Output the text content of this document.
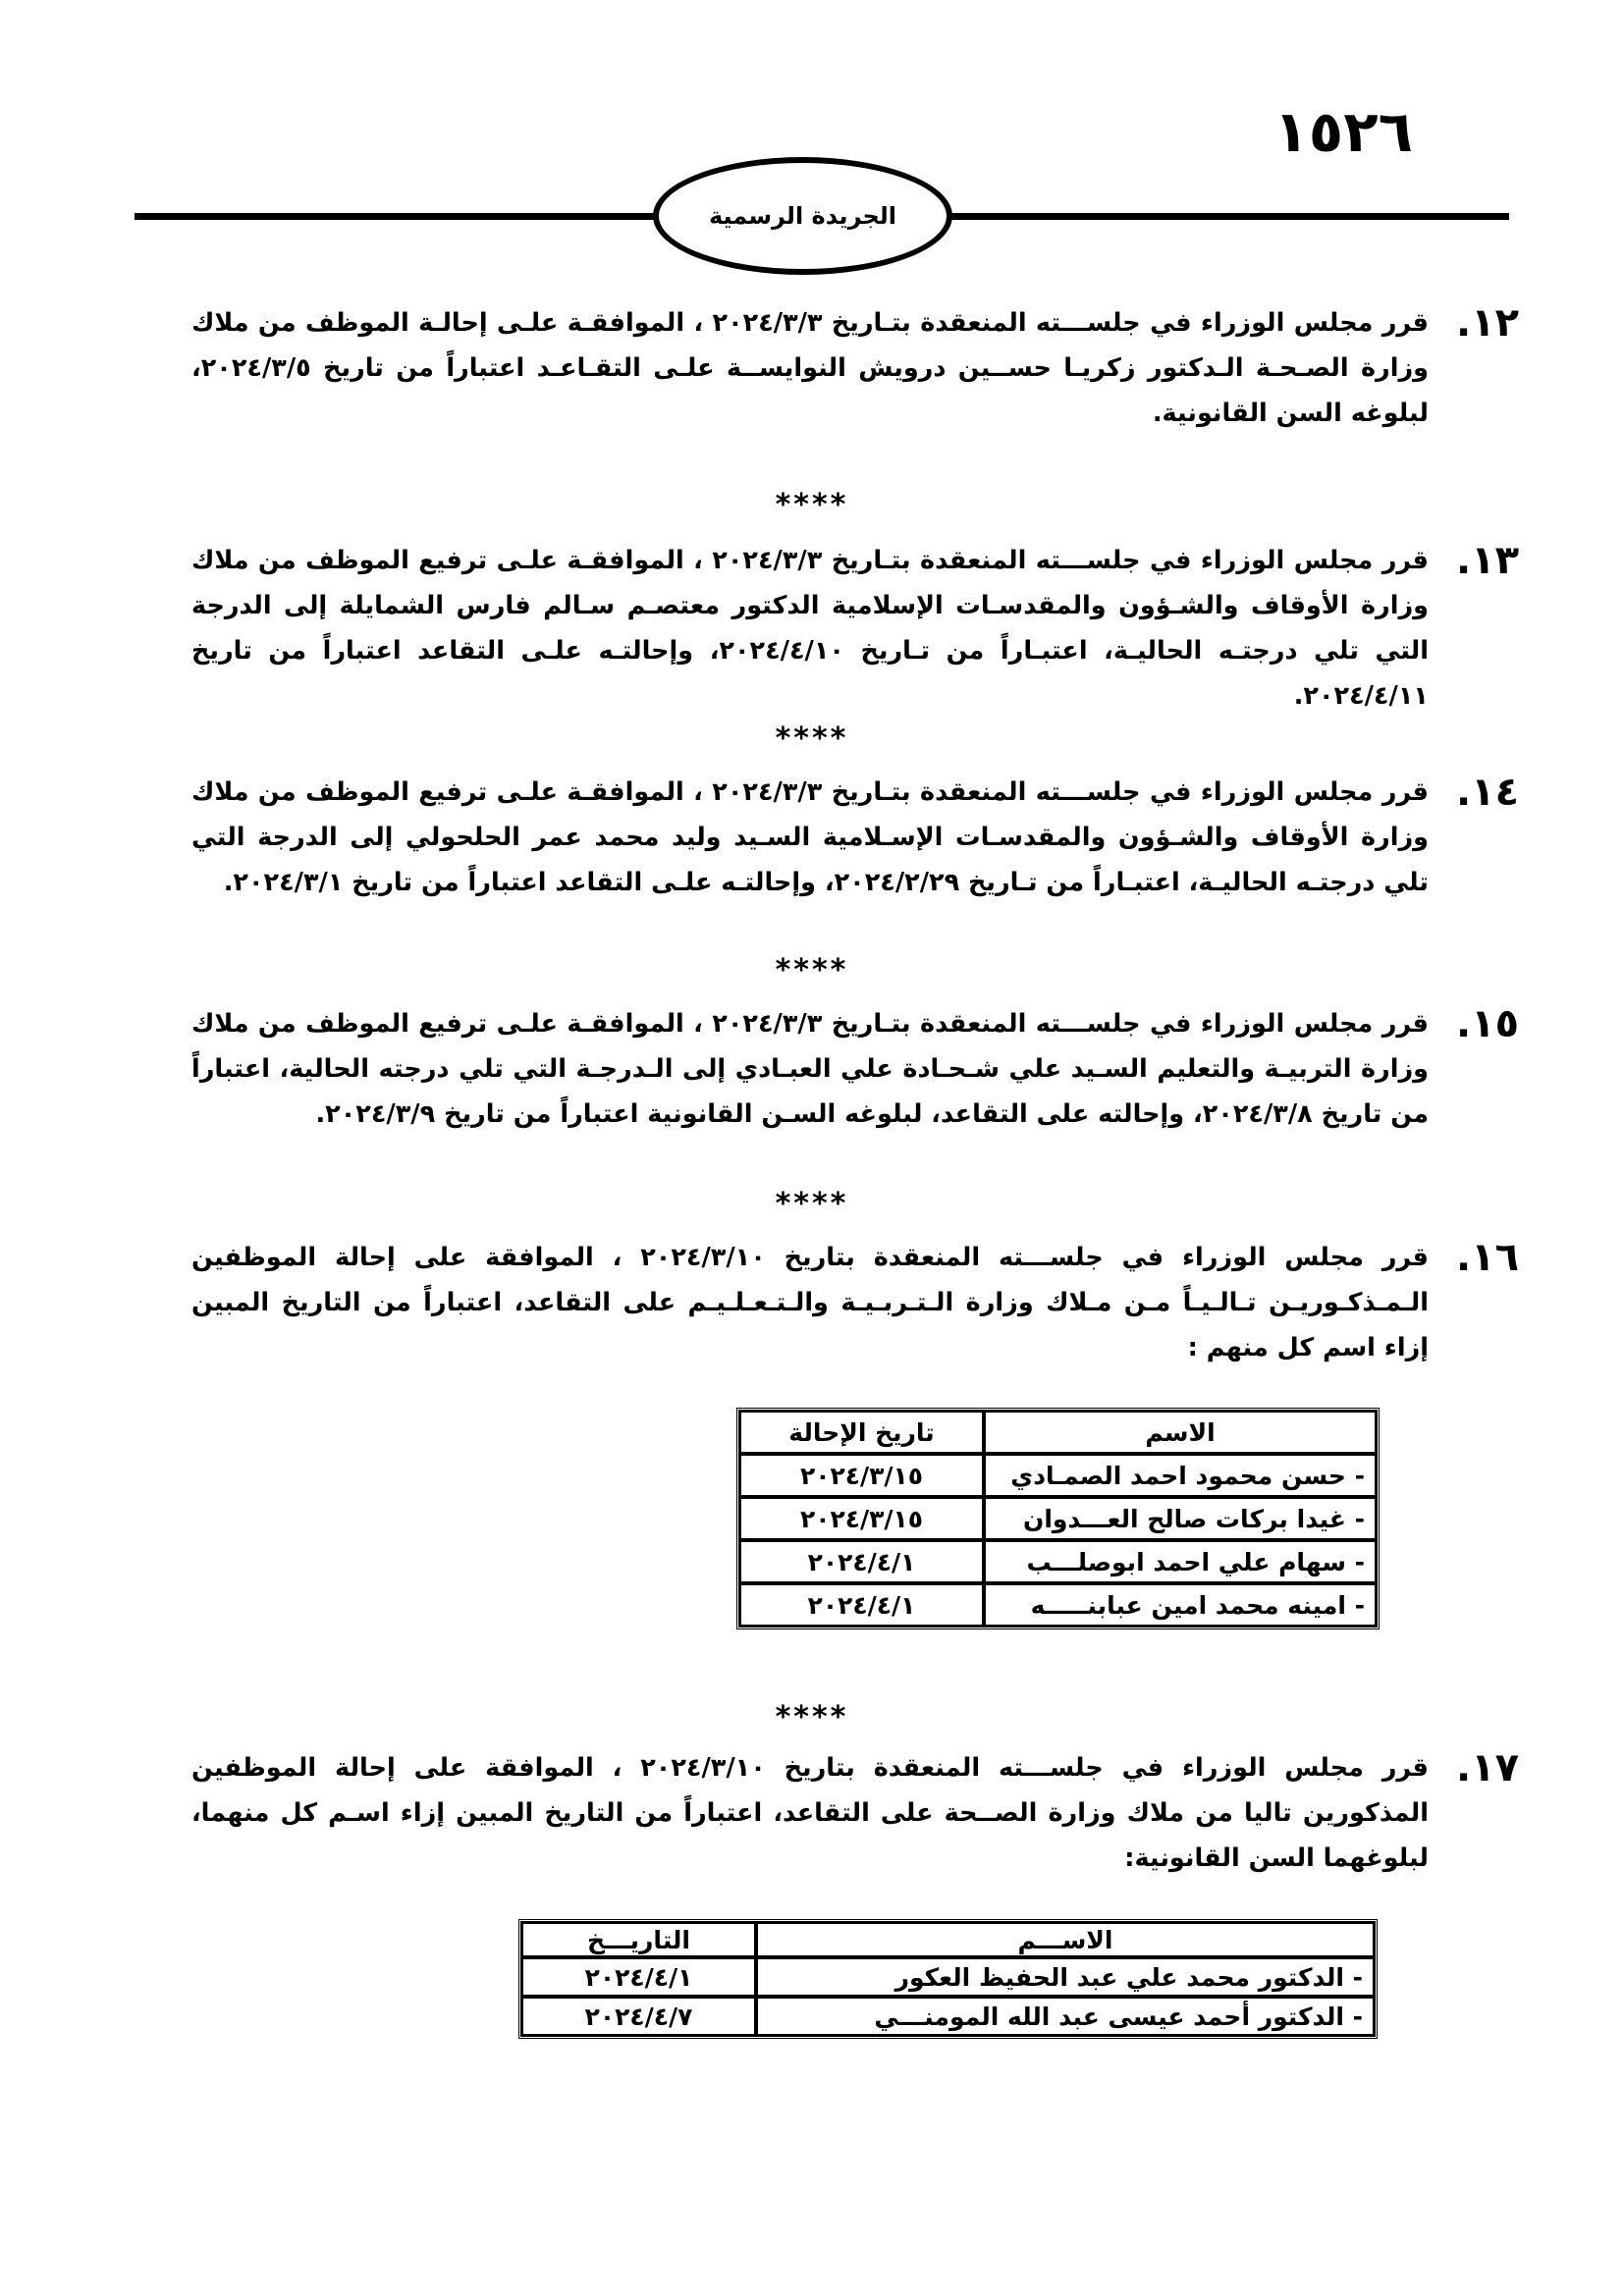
١٥٢٦
الجريدة الرسمية
١٢.
قرر مجلس الوزراء في جلســـته المنعقدة بتـاريخ ٢٠٢٤/٣/٣ ، الموافقـة علـى إحالـة الموظف من ملاك وزارة الصـحـة الـدكتور زكريـا حســين درويش النوايســة علـى التقـاعـد اعتباراً من تاريخ ٢٠٢٤/٣/٥، لبلوغه السن القانونية.
****
١٣.
قرر مجلس الوزراء في جلســـته المنعقدة بتـاريخ ٢٠٢٤/٣/٣ ، الموافقـة علـى ترفيع الموظف من ملاك وزارة الأوقاف والشـؤون والمقدسـات الإسلامية الدكتور معتصـم سـالم فارس الشمايلة إلى الدرجة التي تلي درجتـه الحاليـة، اعتبـاراً من تـاريخ ٢٠٢٤/٤/١٠، وإحالتـه علـى التقاعد اعتباراً من تاريخ ٢٠٢٤/٤/١١.
****
١٤.
قرر مجلس الوزراء في جلســـته المنعقدة بتـاريخ ٢٠٢٤/٣/٣ ، الموافقـة علـى ترفيع الموظف من ملاك وزارة الأوقاف والشـؤون والمقدسـات الإسـلامية السـيد وليد محمد عمر الحلحولي إلى الدرجة التي تلي درجتـه الحاليـة، اعتبـاراً من تـاريخ ٢٠٢٤/٢/٢٩، وإحالتـه علـى التقاعد اعتباراً من تاريخ ٢٠٢٤/٣/١.
****
١٥.
قرر مجلس الوزراء في جلســـته المنعقدة بتـاريخ ٢٠٢٤/٣/٣ ، الموافقـة علـى ترفيع الموظف من ملاك وزارة التربيـة والتعليم السـيد علي شـحـادة علي العبـادي إلى الـدرجـة التي تلي درجته الحالية، اعتباراً من تاريخ ٢٠٢٤/٣/٨، وإحالته على التقاعد، لبلوغه السـن القانونية اعتباراً من تاريخ ٢٠٢٤/٣/٩.
****
١٦.
قرر مجلس الوزراء في جلســـته المنعقدة بتاريخ ٢٠٢٤/٣/١٠ ، الموافقة على إحالة الموظفين الـمـذكـوريـن تـالـيـاً مـن مـلاك وزارة الـتـربـيـة والـتـعـلـيـم على التقاعد، اعتباراً من التاريخ المبين إزاء اسم كل منهم :
الاسم	تاريخ الإحالة
- حسن محمود احمد الصمـادي	٢٠٢٤/٣/١٥
- غيدا بركات صالح العـــدوان	٢٠٢٤/٣/١٥
- سهام علي احمد ابوصلـــب	٢٠٢٤/٤/١
- امينه محمد امين عبابنـــــه	٢٠٢٤/٤/١
****
١٧.
قرر مجلس الوزراء في جلســـته المنعقدة بتاريخ ٢٠٢٤/٣/١٠ ، الموافقة على إحالة الموظفين المذكورين تاليا من ملاك وزارة الصــحة على التقاعد، اعتباراً من التاريخ المبين إزاء اسـم كل منهما، لبلوغهما السن القانونية:
الاســـم	التاريـــخ
- الدكتور محمد علي عبد الحفيظ العكور	٢٠٢٤/٤/١
- الدكتور أحمد عيسى عبد الله المومنـــي	٢٠٢٤/٤/٧
